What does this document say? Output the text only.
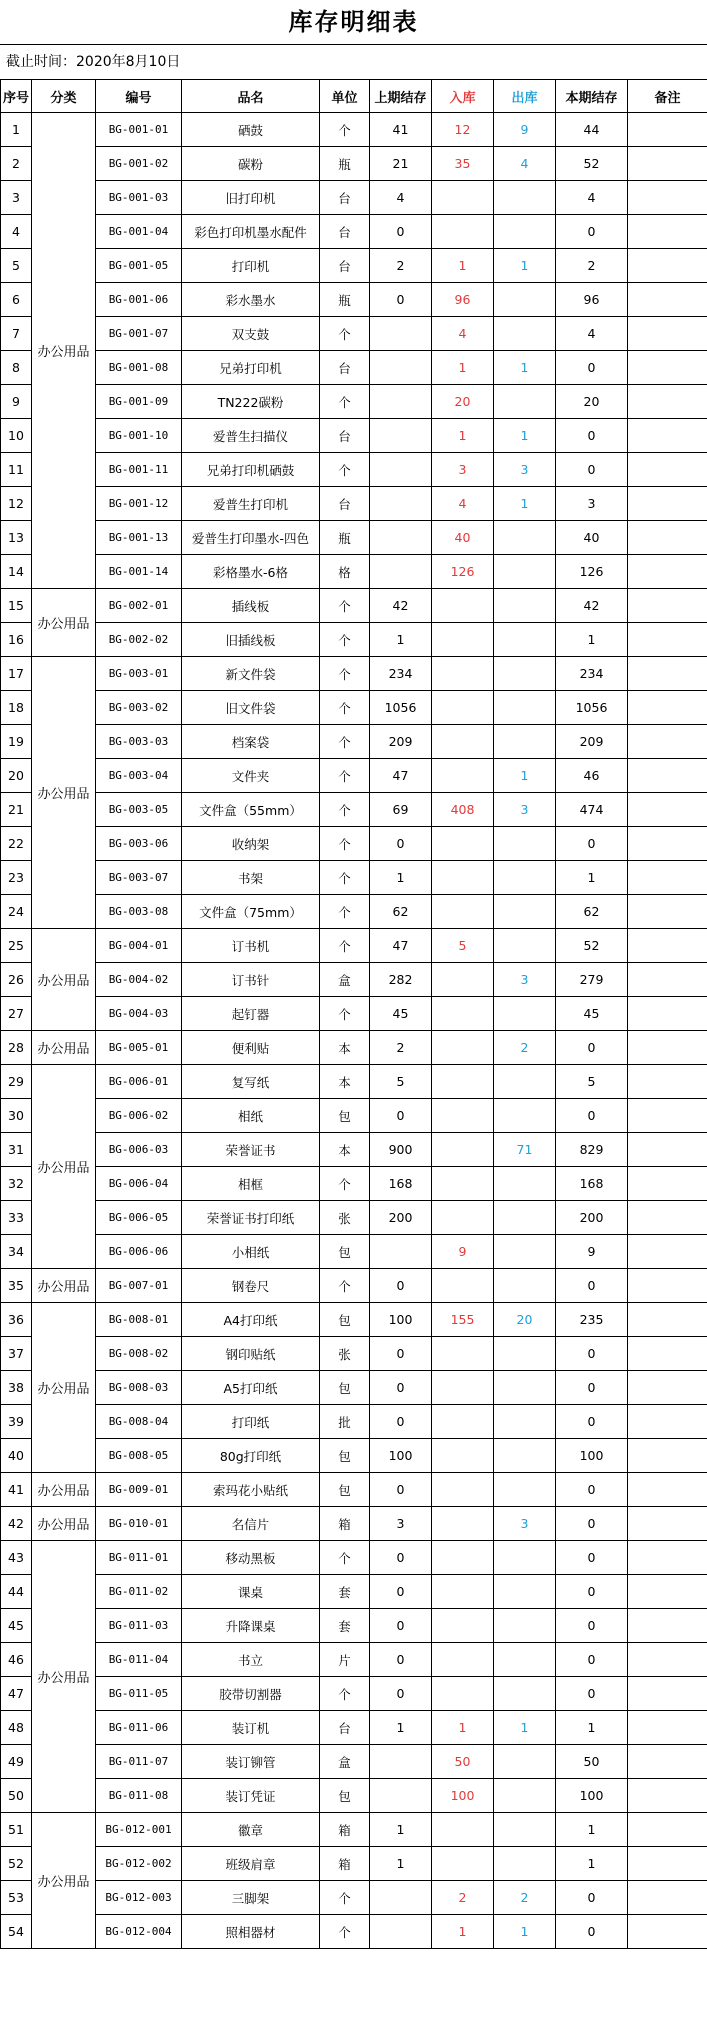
库存明细表
截止时间：2020年8月10日
序号	分类	编号	品名	单位	上期结存	入库	出库	本期结存	备注
1	办公用品	BG-001-01	硒鼓	个	41	12	9	44	
2		BG-001-02	碳粉	瓶	21	35	4	52	
3		BG-001-03	旧打印机	台	4			4	
4		BG-001-04	彩色打印机墨水配件	台	0			0	
5		BG-001-05	打印机	台	2	1	1	2	
6		BG-001-06	彩水墨水	瓶	0	96		96	
7		BG-001-07	双支鼓	个		4		4	
8		BG-001-08	兄弟打印机	台		1	1	0	
9		BG-001-09	TN222碳粉	个		20		20	
10		BG-001-10	爱普生扫描仪	台		1	1	0	
11		BG-001-11	兄弟打印机硒鼓	个		3	3	0	
12		BG-001-12	爱普生打印机	台		4	1	3	
13		BG-001-13	爱普生打印墨水-四色	瓶		40		40	
14		BG-001-14	彩格墨水-6格	格		126		126	
15	办公用品	BG-002-01	插线板	个	42			42	
16		BG-002-02	旧插线板	个	1			1	
17	办公用品	BG-003-01	新文件袋	个	234			234	
18		BG-003-02	旧文件袋	个	1056			1056	
19		BG-003-03	档案袋	个	209			209	
20		BG-003-04	文件夹	个	47		1	46	
21		BG-003-05	文件盒（55mm）	个	69	408	3	474	
22		BG-003-06	收纳架	个	0			0	
23		BG-003-07	书架	个	1			1	
24		BG-003-08	文件盒（75mm）	个	62			62	
25	办公用品	BG-004-01	订书机	个	47	5		52	
26		BG-004-02	订书针	盒	282		3	279	
27		BG-004-03	起钉器	个	45			45	
28	办公用品	BG-005-01	便利贴	本	2		2	0	
29	办公用品	BG-006-01	复写纸	本	5			5	
30		BG-006-02	相纸	包	0			0	
31		BG-006-03	荣誉证书	本	900		71	829	
32		BG-006-04	相框	个	168			168	
33		BG-006-05	荣誉证书打印纸	张	200			200	
34		BG-006-06	小相纸	包		9		9	
35	办公用品	BG-007-01	钢卷尺	个	0			0	
36	办公用品	BG-008-01	A4打印纸	包	100	155	20	235	
37		BG-008-02	钢印贴纸	张	0			0	
38		BG-008-03	A5打印纸	包	0			0	
39		BG-008-04	打印纸	批	0			0	
40		BG-008-05	80g打印纸	包	100			100	
41	办公用品	BG-009-01	索玛花小贴纸	包	0			0	
42	办公用品	BG-010-01	名信片	箱	3		3	0	
43	办公用品	BG-011-01	移动黑板	个	0			0	
44		BG-011-02	课桌	套	0			0	
45		BG-011-03	升降课桌	套	0			0	
46		BG-011-04	书立	片	0			0	
47		BG-011-05	胶带切割器	个	0			0	
48		BG-011-06	装订机	台	1	1	1	1	
49		BG-011-07	装订铆管	盒		50		50	
50		BG-011-08	装订凭证	包		100		100	
51	办公用品	BG-012-001	徽章	箱	1			1	
52		BG-012-002	班级肩章	箱	1			1	
53		BG-012-003	三脚架	个		2	2	0	
54		BG-012-004	照相器材	个		1	1	0	
